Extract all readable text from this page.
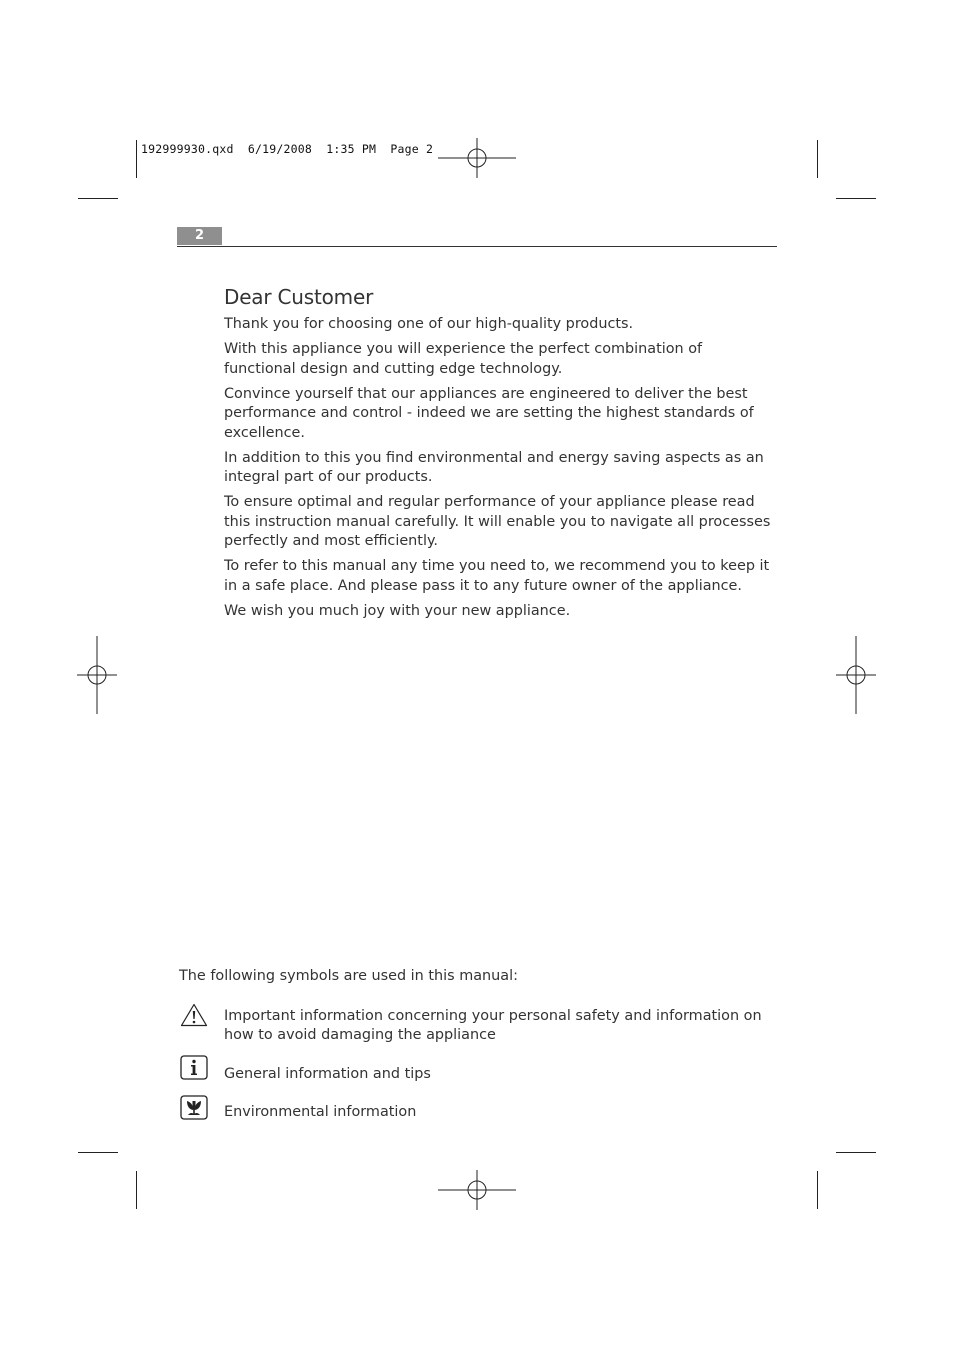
192999930.qxd  6/19/2008  1:35 PM  Page 2
2
Dear Customer

Thank you for choosing one of our high-quality products.

With this appliance you will experience the perfect combination of functional design and cutting edge technology.

Convince yourself that our appliances are engineered to deliver the best performance and control - indeed we are setting the highest standards of excellence.

In addition to this you find environmental and energy saving aspects as an integral part of our products.

To ensure optimal and regular performance of your appliance please read this instruction manual carefully. It will enable you to navigate all processes perfectly and most efficiently.

To refer to this manual any time you need to, we recommend you to keep it in a safe place. And please pass it to any future owner of the appliance.

We wish you much joy with your new appliance.

The following symbols are used in this manual:
Important information concerning your personal safety and information on how to avoid damaging the appliance
General information and tips
Environmental information
